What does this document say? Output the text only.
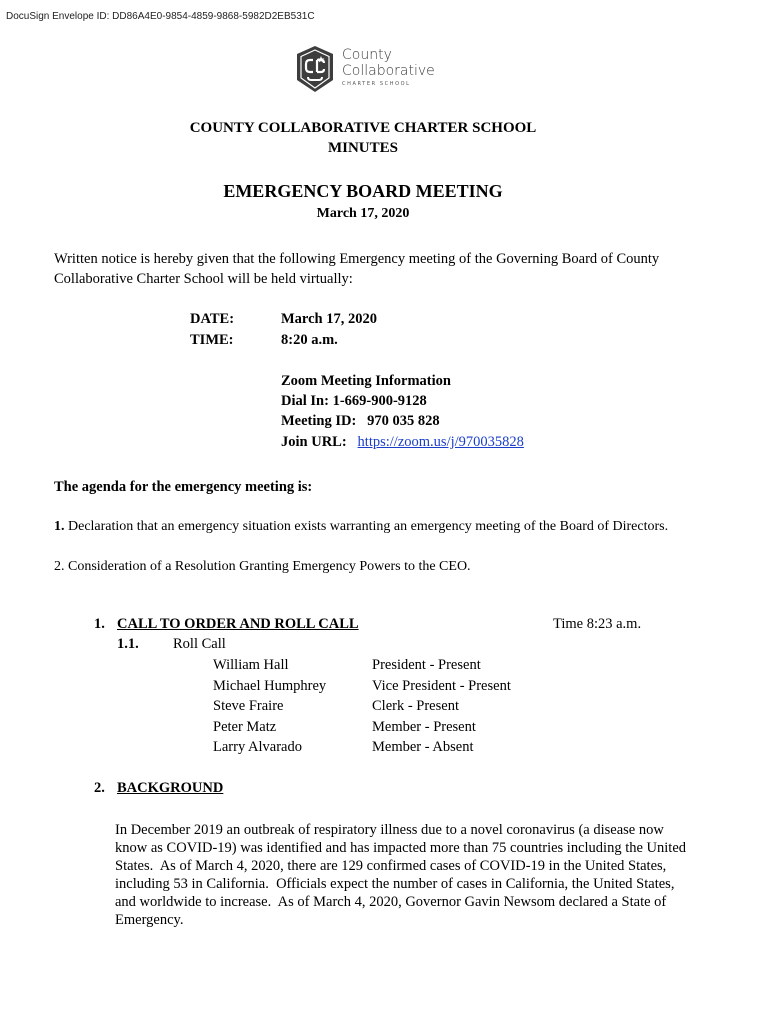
DocuSign Envelope ID: DD86A4E0-9854-4859-9868-5982D2EB531C
County
Collaborative
CHARTER SCHOOL
COUNTY COLLABORATIVE CHARTER SCHOOL
MINUTES
EMERGENCY BOARD MEETING
March 17, 2020
Written notice is hereby given that the following Emergency meeting of the Governing Board of County Collaborative Charter School will be held virtually:
DATE:	March 17, 2020
TIME:	8:20 a.m.
Zoom Meeting Information
Dial In: 1-669-900-9128
Meeting ID:   970 035 828
Join URL: https://zoom.us/j/970035828
The agenda for the emergency meeting is:
1. Declaration that an emergency situation exists warranting an emergency meeting of the Board of Directors.
2. Consideration of a Resolution Granting Emergency Powers to the CEO.
1. CALL TO ORDER AND ROLL CALL	Time 8:23 a.m.
1.1. Roll Call
William Hall	President - Present
Michael Humphrey	Vice President - Present
Steve Fraire	Clerk - Present
Peter Matz	Member - Present
Larry Alvarado	Member - Absent
2. BACKGROUND
In December 2019 an outbreak of respiratory illness due to a novel coronavirus (a disease now
know as COVID-19) was identified and has impacted more than 75 countries including the United
States.  As of March 4, 2020, there are 129 confirmed cases of COVID-19 in the United States,
including 53 in California.  Officials expect the number of cases in California, the United States,
and worldwide to increase.  As of March 4, 2020, Governor Gavin Newsom declared a State of
Emergency.
